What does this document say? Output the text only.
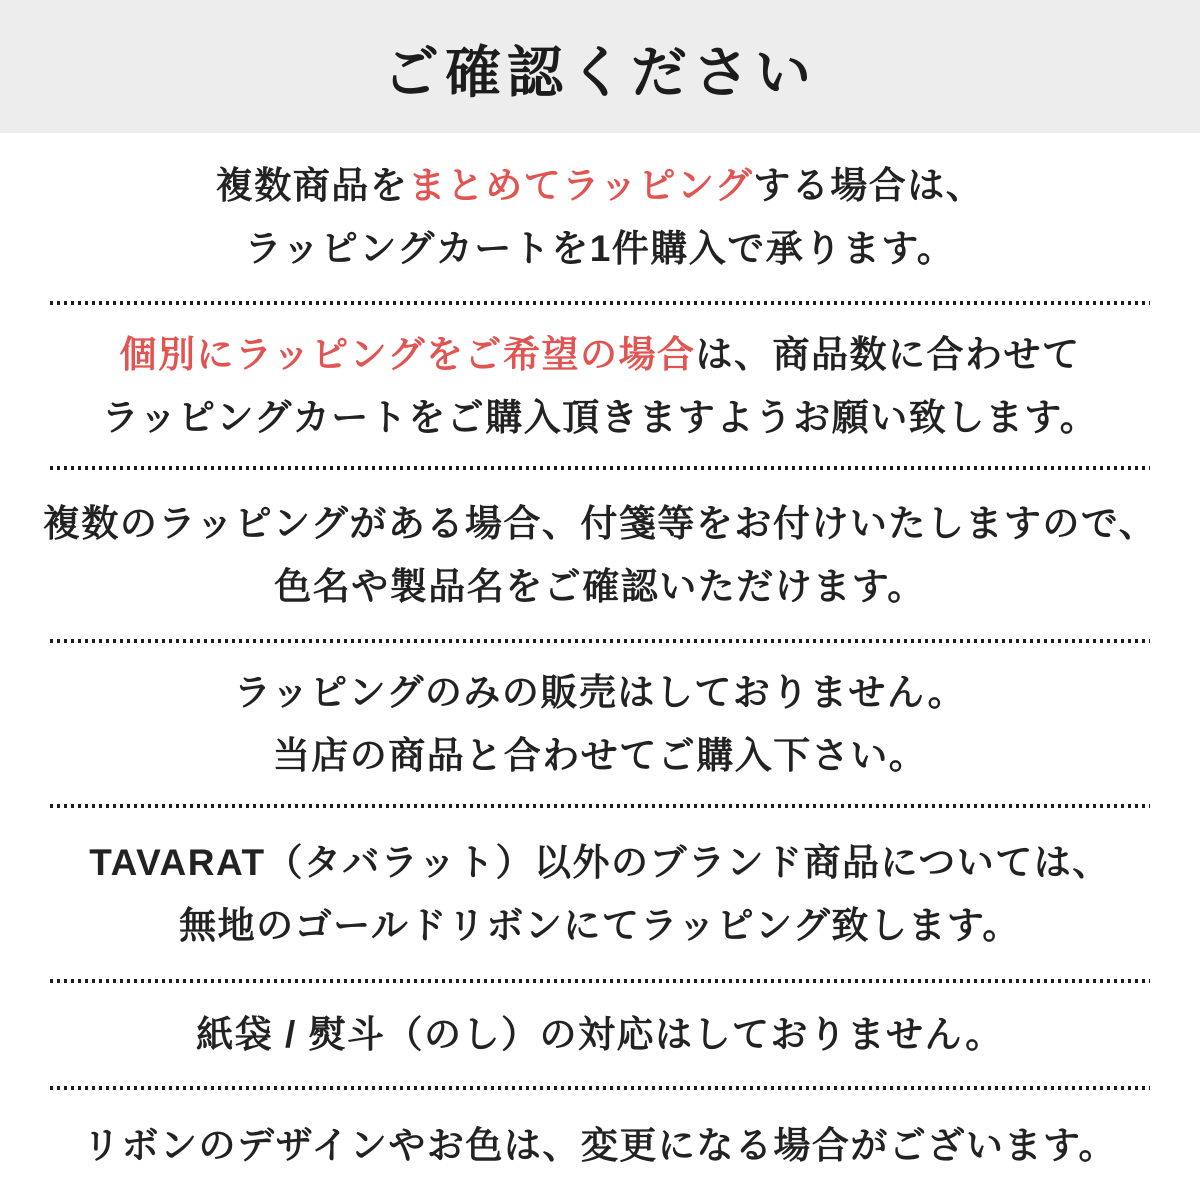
ご確認ください
複数商品をまとめてラッピングする場合は、
ラッピングカートを1件購入で承ります。
個別にラッピングをご希望の場合は、商品数に合わせて
ラッピングカートをご購入頂きますようお願い致します。
複数のラッピングがある場合、付箋等をお付けいたしますので、
色名や製品名をご確認いただけます。
ラッピングのみの販売はしておりません。
当店の商品と合わせてご購入下さい。
TAVARAT（タバラット）以外のブランド商品については、
無地のゴールドリボンにてラッピング致します。
紙袋 / 熨斗（のし）の対応はしておりません。
リボンのデザインやお色は、変更になる場合がございます。
